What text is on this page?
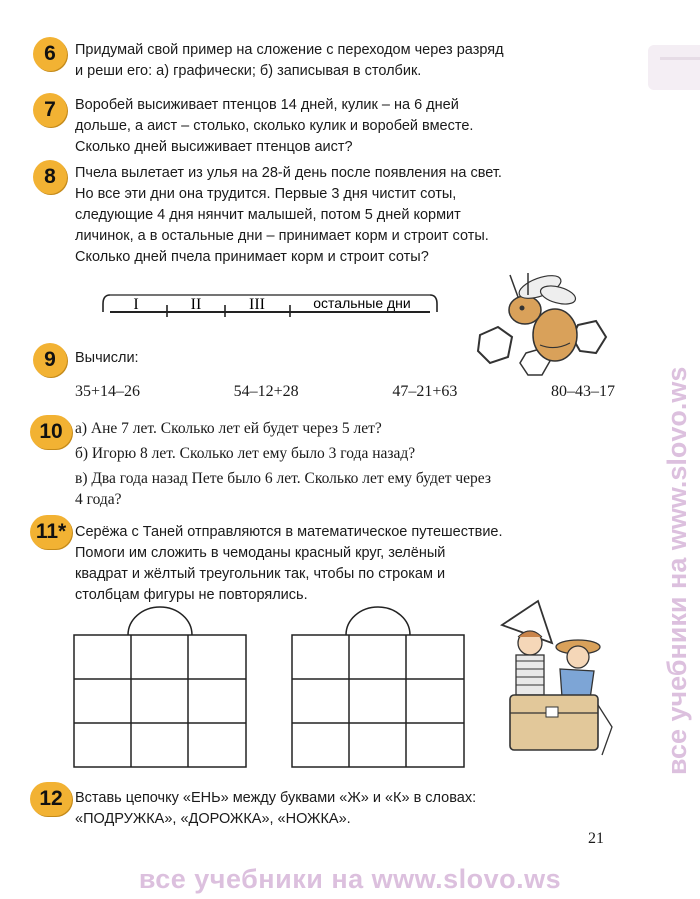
6 Придумай свой пример на сложение с переходом через разряд
и реши его: а) графически; б) записывая в столбик.
7 Воробей высиживает птенцов 14 дней, кулик – на 6 дней
дольше, а аист – столько, сколько кулик и воробей вместе.
Сколько дней высиживает птенцов аист?
8 Пчела вылетает из улья на 28-й день после появления на свет.
Но все эти дни она трудится. Первые 3 дня чистит соты,
следующие 4 дня нянчит малышей, потом 5 дней кормит
личинок, а в остальные дни – принимает корм и строит соты.
Сколько дней пчела принимает корм и строит соты?
I	II	III	остальные дни
9 Вычисли:
35+14–26	54–12+28	47–21+63	80–43–17
10 а) Ане 7 лет. Сколько лет ей будет через 5 лет?
б) Игорю 8 лет. Сколько лет ему было 3 года назад?
в) Два года назад Пете было 6 лет. Сколько лет ему будет через
4 года?
11* Серёжа с Таней отправляются в математическое путешествие.
Помоги им сложить в чемоданы красный круг, зелёный
квадрат и жёлтый треугольник так, чтобы по строкам и
столбцам фигуры не повторялись.
12 Вставь цепочку «ЕНЬ» между буквами «Ж» и «К» в словах:
«ПОДРУЖКА», «ДОРОЖКА», «НОЖКА».
21
все учебники на www.slovo.ws
все учебники на www.slovo.ws
